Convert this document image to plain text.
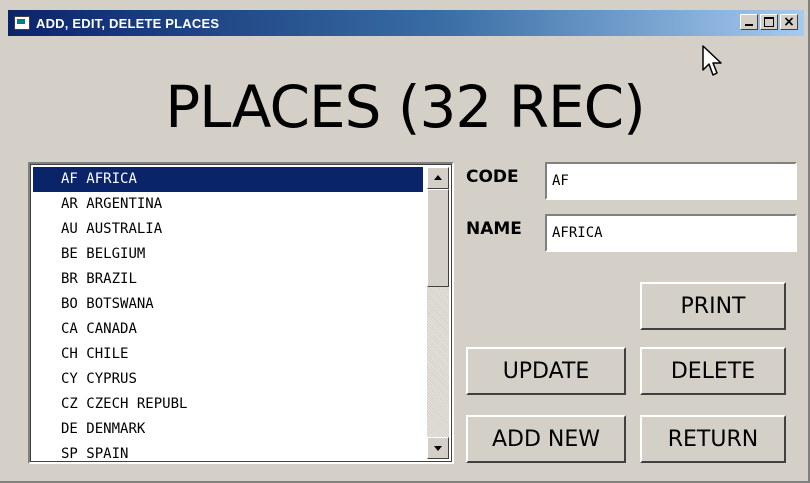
ADD, EDIT, DELETE PLACES	×
PLACES (32 REC)
AF AFRICA
AR ARGENTINA
AU AUSTRALIA
BE BELGIUM
BR BRAZIL
BO BOTSWANA
CA CANADA
CH CHILE
CY CYPRUS
CZ CZECH REPUBL
DE DENMARK
SP SPAIN
CODE	AF
NAME	AFRICA
PRINT
UPDATE	DELETE
ADD NEW	RETURN
